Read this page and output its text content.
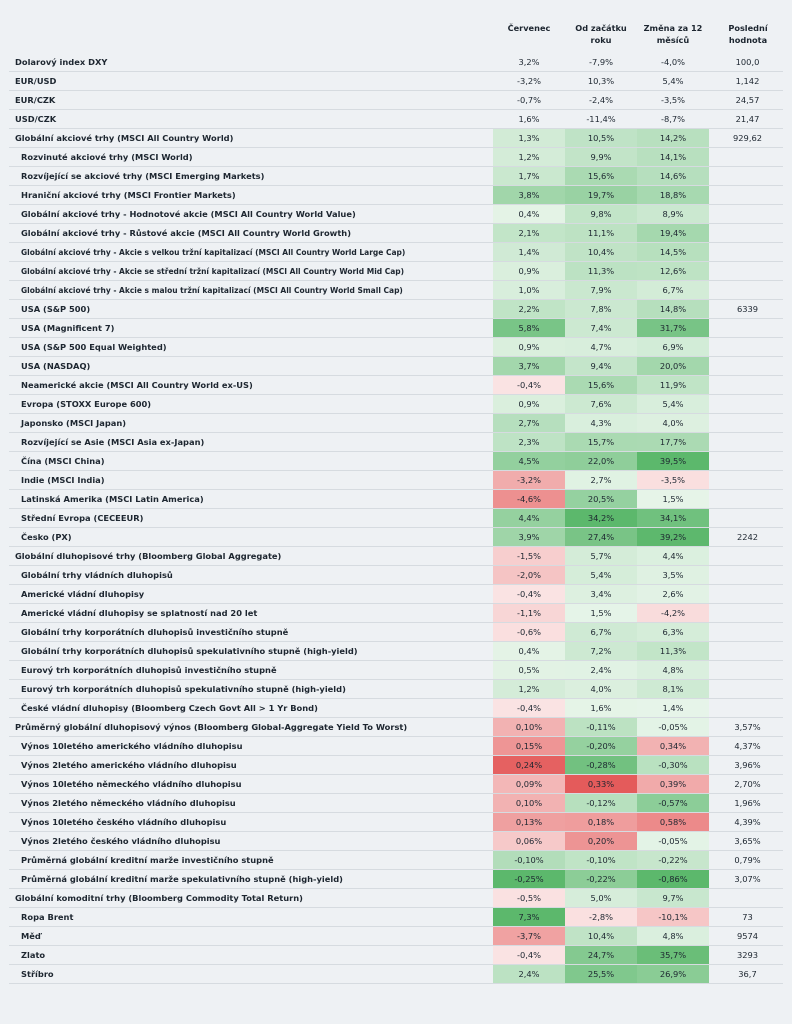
Červenec	Od začátku
roku
Změna za 12
měsíců
Poslední
hodnota
Dolarový index DXY	3,2%	-7,9%	-4,0%		100,0
EUR/USD	-3,2%	10,3%	5,4%		1,142
EUR/CZK	-0,7%	-2,4%	-3,5%		24,57
USD/CZK	1,6%	-11,4%	-8,7%		21,47
Globální akciové trhy (MSCI All Country World)	1,3%	10,5%	14,2%		929,62
Rozvinuté akciové trhy (MSCI World)	1,2%	9,9%	14,1%		
Rozvíjející se akciové trhy (MSCI Emerging Markets)	1,7%	15,6%	14,6%		
Hraniční akciové trhy (MSCI Frontier Markets)	3,8%	19,7%	18,8%		
Globální akciové trhy - Hodnotové akcie (MSCI All Country World Value)	0,4%	9,8%	8,9%		
Globální akciové trhy - Růstové akcie (MSCI All Country World Growth)	2,1%	11,1%	19,4%		
Globální akciové trhy - Akcie s velkou tržní kapitalizací (MSCI All Country World Large Cap)	1,4%	10,4%	14,5%		
Globální akciové trhy - Akcie se střední tržní kapitalizací (MSCI All Country World Mid Cap)	0,9%	11,3%	12,6%		
Globální akciové trhy - Akcie s malou tržní kapitalizací (MSCI All Country World Small Cap)	1,0%	7,9%	6,7%		
USA (S&P 500)	2,2%	7,8%	14,8%		6339
USA (Magnificent 7)	5,8%	7,4%	31,7%		
USA (S&P 500 Equal Weighted)	0,9%	4,7%	6,9%		
USA (NASDAQ)	3,7%	9,4%	20,0%		
Neamerické akcie (MSCI All Country World ex-US)	-0,4%	15,6%	11,9%		
Evropa (STOXX Europe 600)	0,9%	7,6%	5,4%		
Japonsko (MSCI Japan)	2,7%	4,3%	4,0%		
Rozvíjející se Asie (MSCI Asia ex-Japan)	2,3%	15,7%	17,7%		
Čína (MSCI China)	4,5%	22,0%	39,5%		
Indie (MSCI India)	-3,2%	2,7%	-3,5%		
Latinská Amerika (MSCI Latin America)	-4,6%	20,5%	1,5%		
Střední Evropa (CECEEUR)	4,4%	34,2%	34,1%		
Česko (PX)	3,9%	27,4%	39,2%		2242
Globální dluhopisové trhy (Bloomberg Global Aggregate)	-1,5%	5,7%	4,4%		
Globální trhy vládních dluhopisů	-2,0%	5,4%	3,5%		
Americké vládní dluhopisy	-0,4%	3,4%	2,6%		
Americké vládní dluhopisy se splatností nad 20 let	-1,1%	1,5%	-4,2%		
Globální trhy korporátních dluhopisů investičního stupně	-0,6%	6,7%	6,3%		
Globální trhy korporátních dluhopisů spekulativního stupně (high-yield)	0,4%	7,2%	11,3%		
Eurový trh korporátních dluhopisů investičního stupně	0,5%	2,4%	4,8%		
Eurový trh korporátních dluhopisů spekulativního stupně (high-yield)	1,2%	4,0%	8,1%		
České vládní dluhopisy (Bloomberg Czech Govt All > 1 Yr Bond)	-0,4%	1,6%	1,4%		
Průměrný globální dluhopisový výnos (Bloomberg Global-Aggregate Yield To Worst)	0,10%	-0,11%	-0,05%		3,57%
Výnos 10letého amerického vládního dluhopisu	0,15%	-0,20%	0,34%		4,37%
Výnos 2letého amerického vládního dluhopisu	0,24%	-0,28%	-0,30%		3,96%
Výnos 10letého německého vládního dluhopisu	0,09%	0,33%	0,39%		2,70%
Výnos 2letého německého vládního dluhopisu	0,10%	-0,12%	-0,57%		1,96%
Výnos 10letého českého vládního dluhopisu	0,13%	0,18%	0,58%		4,39%
Výnos 2letého českého vládního dluhopisu	0,06%	0,20%	-0,05%		3,65%
Průměrná globální kreditní marže investičního stupně	-0,10%	-0,10%	-0,22%		0,79%
Průměrná globální kreditní marže spekulativního stupně (high-yield)	-0,25%	-0,22%	-0,86%		3,07%
Globální komoditní trhy (Bloomberg Commodity Total Return)	-0,5%	5,0%	9,7%		
Ropa Brent	7,3%	-2,8%	-10,1%		73
Měď	-3,7%	10,4%	4,8%		9574
Zlato	-0,4%	24,7%	35,7%		3293
Stříbro	2,4%	25,5%	26,9%		36,7
